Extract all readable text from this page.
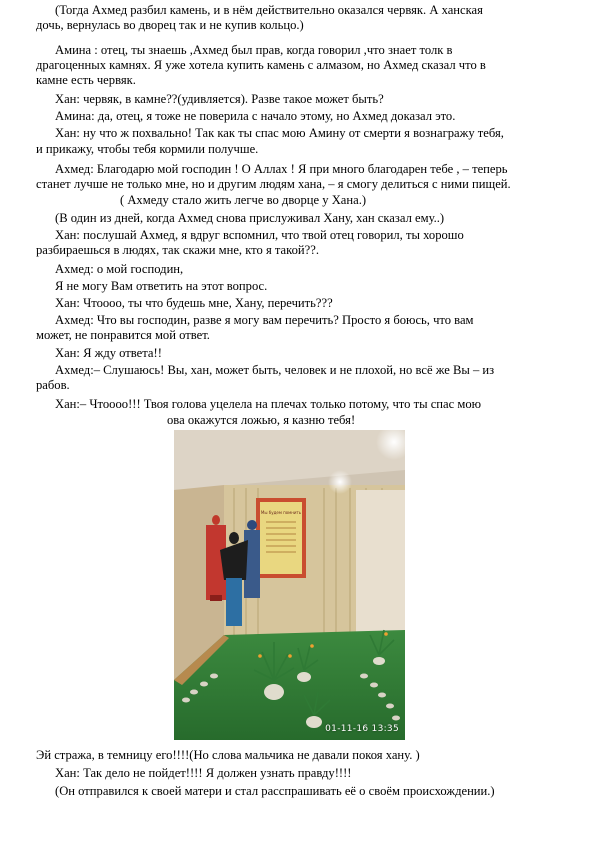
(Тогда Ахмед разбил камень, и в нём действительно оказался червяк. А ханская
дочь, вернулась во дворец так и не купив кольцо.)
Амина : отец, ты знаешь ,Ахмед был прав, когда говорил ,что знает толк в
драгоценных камнях. Я уже хотела купить камень с алмазом, но Ахмед сказал что в
камне есть червяк.
Хан: червяк, в камне??(удивляется). Разве такое может быть?
Амина: да, отец, я тоже не поверила с начало этому, но Ахмед доказал это.
Хан: ну что ж похвально! Так как ты спас мою Амину от смерти я вознагражу тебя,
и прикажу, чтобы тебя кормили получше.
Ахмед: Благодарю мой господин ! О Аллах ! Я при много благодарен тебе , – теперь
станет лучше не только мне, но и другим людям хана, – я смогу делиться с ними пищей.
( Ахмеду стало жить легче во дворце у Хана.)
(В один из дней, когда Ахмед снова прислуживал Хану, хан сказал ему..)
Хан: послушай Ахмед, я вдруг вспомнил, что твой отец говорил, ты хорошо
разбираешься в людях, так скажи мне, кто я такой??.
Ахмед: о мой господин,
Я не могу Вам ответить на этот вопрос.
Хан: Чтоооо, ты что будешь мне, Хану, перечить???
Ахмед: Что вы господин, разве я могу вам перечить? Просто я боюсь, что вам
может, не понравится мой ответ.
Хан: Я жду ответа!!
Ахмед:– Слушаюсь! Вы, хан, может быть, человек и не плохой, но всё же Вы – из
рабов.
Хан:– Чтоооо!!! Твоя голова уцелела на плечах только потому, что ты спас мою
ова окажутся ложью, я казню тебя!
Мы будем помнить
01-11-16 13:35
Эй стража, в темницу его!!!!(Но слова мальчика не давали покоя хану. )
Хан: Так дело не пойдет!!!! Я должен узнать правду!!!!
(Он отправился к своей матери и стал расспрашивать её о своём происхождении.)
